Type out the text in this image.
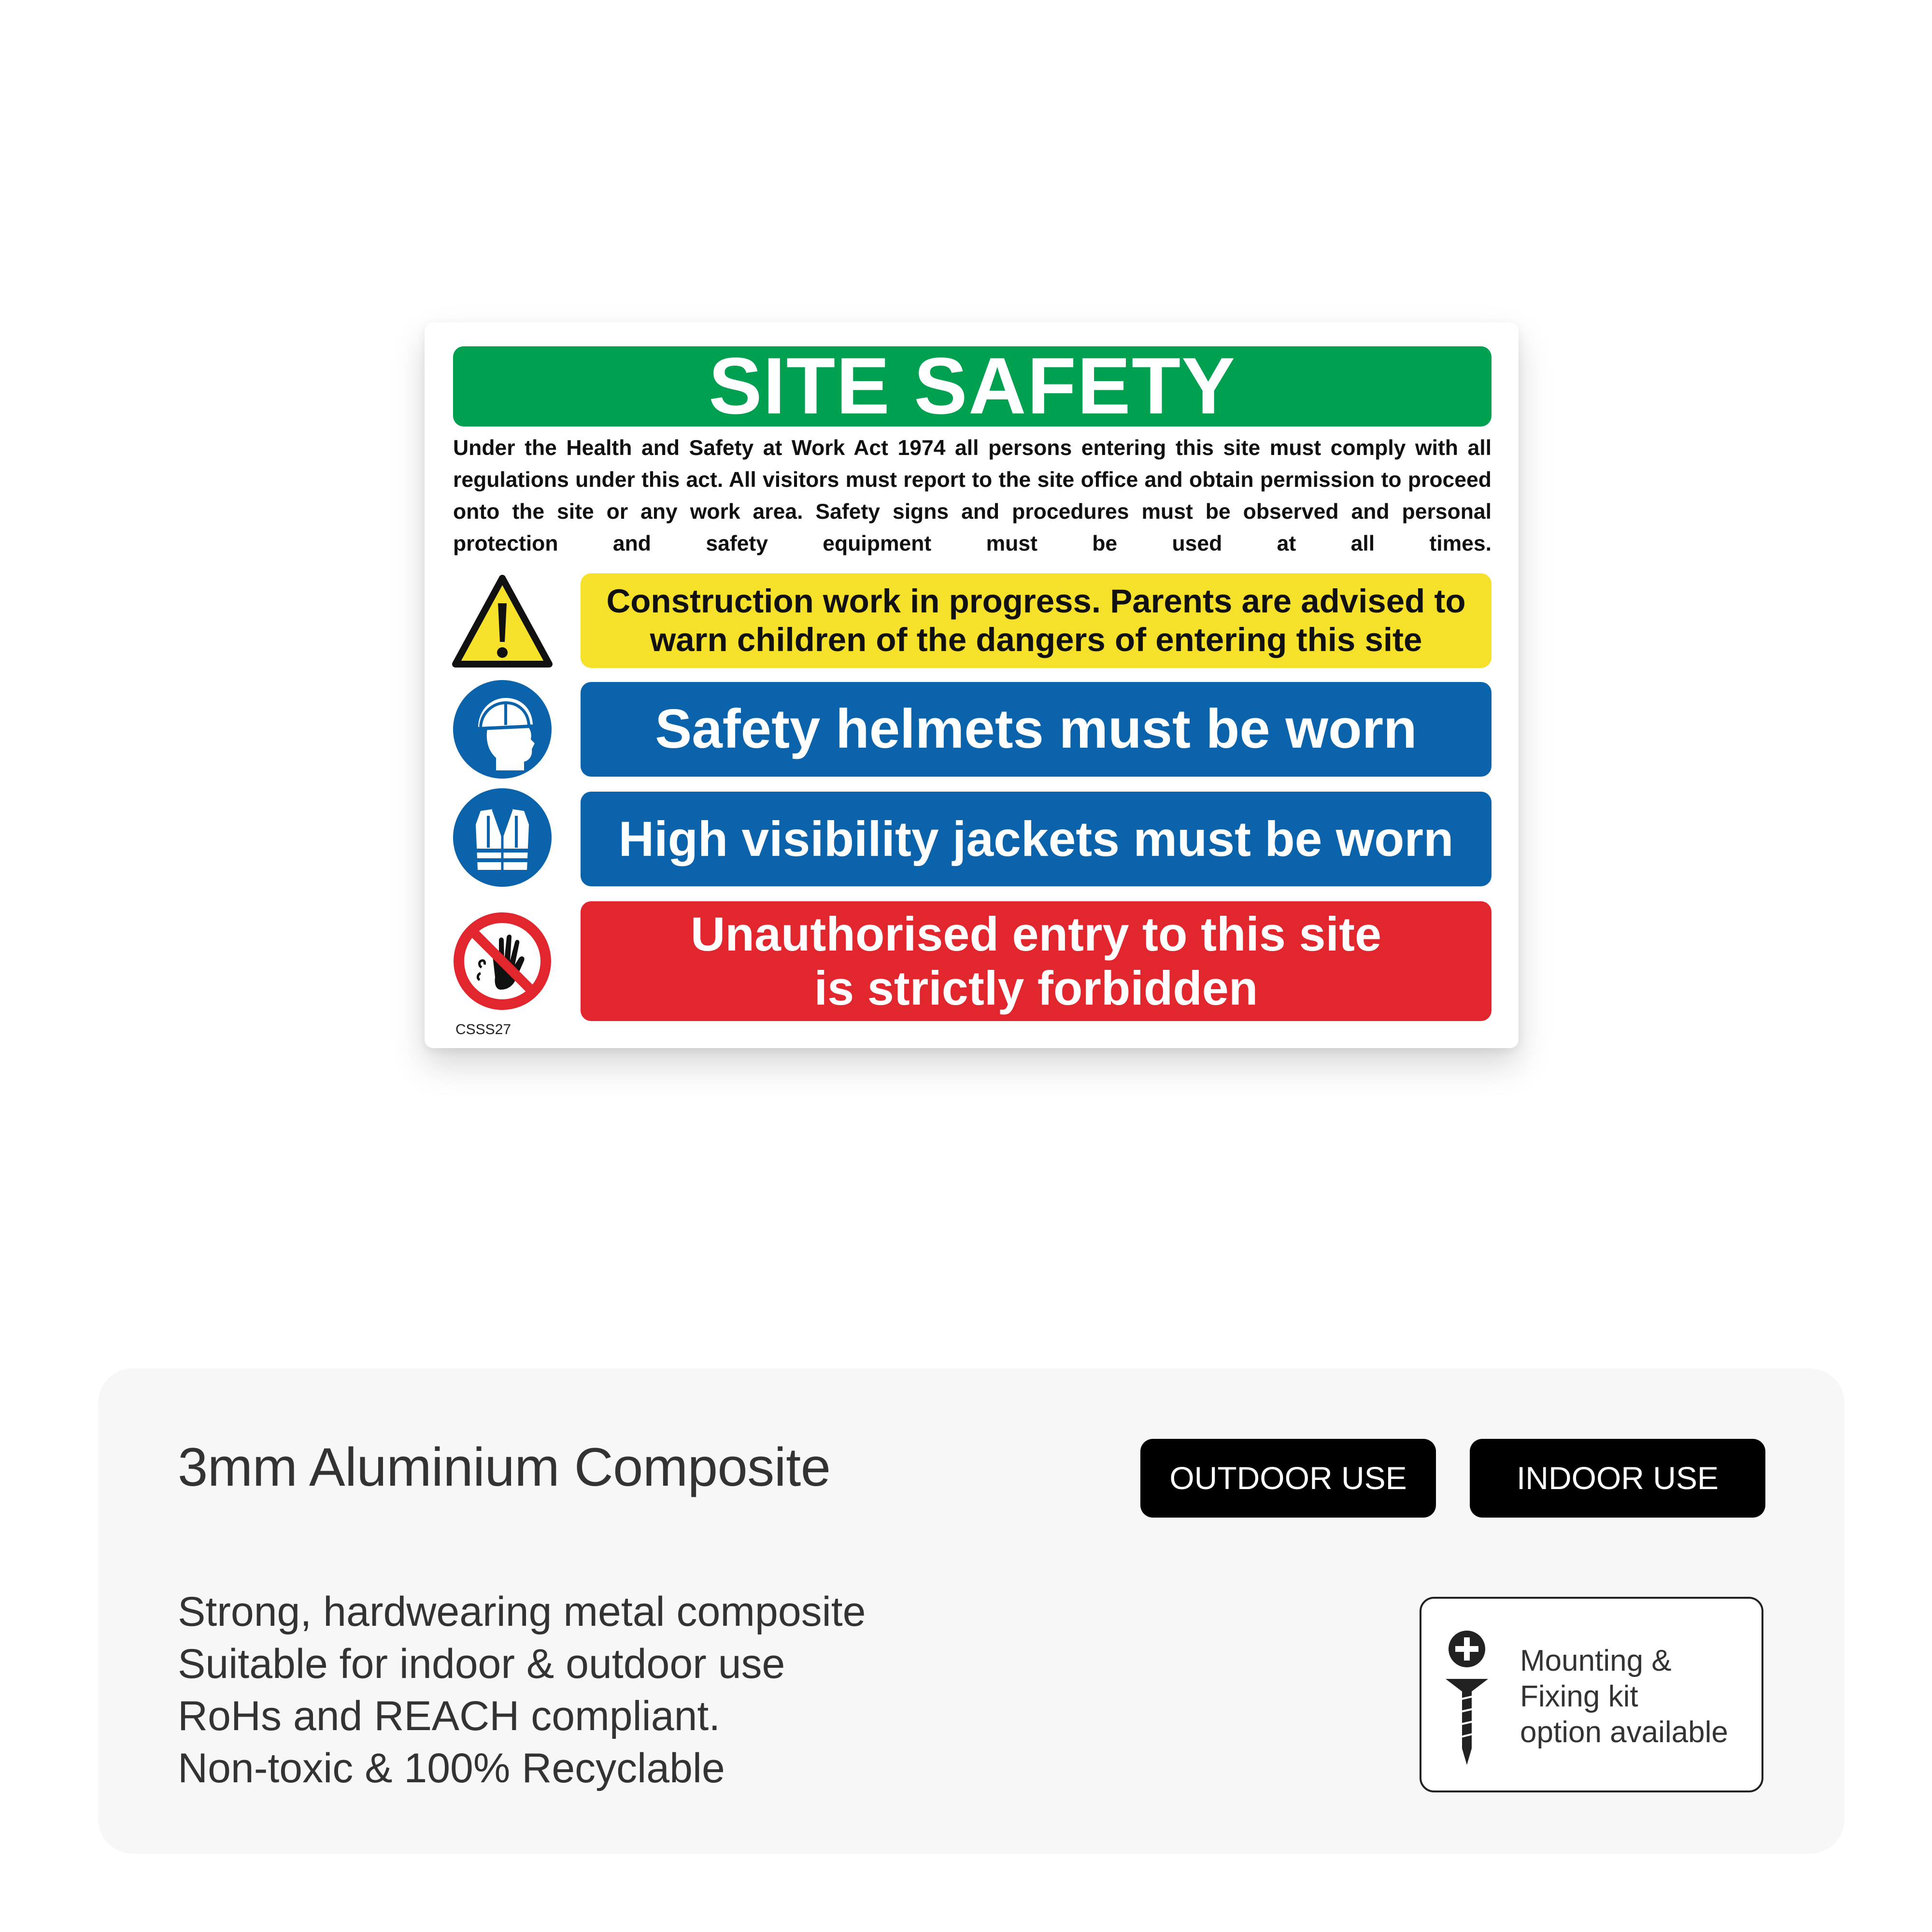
SITE SAFETY
Under the Health and Safety at Work Act 1974 all persons entering this site must comply with all regulations under this act. All visitors must report to the site office and obtain permission to proceed onto the site or any work area. Safety signs and procedures must be observed and personal protection and safety equipment must be used at all times.
Construction work in progress. Parents are advised to
warn children of the dangers of entering this site
Safety helmets must be worn
High visibility jackets must be worn
Unauthorised entry to this site
is strictly forbidden
CSSS27
3mm Aluminium Composite	OUTDOOR USE	INDOOR USE
Strong, hardwearing metal composite
Suitable for indoor & outdoor use
RoHs and REACH compliant.
Non-toxic & 100% Recyclable
Mounting &
Fixing kit
option available
